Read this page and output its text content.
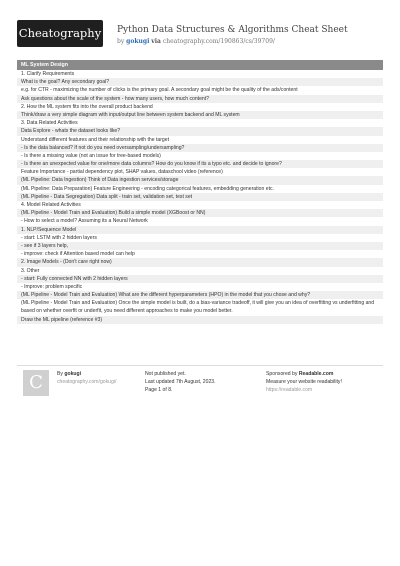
Cheatography Python Data Structures & Algorithms Cheat Sheet
by gokugi via cheatography.com/190863/cs/39709/
ML System Design
1. Clarify Requirements
What is the goal? Any secondary goal?
e.g. for CTR - maximizing the number of clicks is the primary goal. A secondary goal might be the quality of the ads/content
Ask questions about the scale of the system - how many users, how much content?
2. How the ML system fits into the overall product backend
Think/draw a very simple diagram with input/output line between system backend and ML system
3. Data Related Activities
Data Explore - whats the dataset looks like?
Understand different features and their relationship with the target
- Is the data balanced? If not do you need oversampling/undersampling?
- Is there a missing value (not an issue for tree-based models)
- Is there an unexpected value for one/more data columns? How do you know if its a typo etc. and decide to ignore?
Feature Importance - partial dependency plot, SHAP values, dataschool video (reference)
(ML Pipeline: Data Ingestion) Think of Data ingestion services/storage
(ML Pipeline: Data Preparation) Feature Engineering - encoding categorical features, embedding generation etc.
(ML Pipeline - Data Segregation) Data split - train set, validation set, test set
4. Model Related Activities
(ML Pipeline - Model Train and Evaluation) Build a simple model (XGBoost or NN)
- How to select a model? Assuming its a Neural Network
1. NLP/Sequence Model
- start: LSTM with 2 hidden layers
- see if 3 layers help,
- improve: check if Attention based model can help
2. Image Models - (Don't care right now)
3. Other
- start: Fully connected NN with 2 hidden layers
- Improve: problem specific
(ML Pipeline - Model Train and Evaluation) What are the different hyperparameters (HPO) in the model that you chose and why?
(ML Pipeline - Model Train and Evaluation) Once the simple model is built, do a bias-variance tradeoff, it will give you an idea of overfitting vs underfitting and based on whether overfit or underfit, you need different approaches to make you model better.
Draw the ML pipeline (reference #3)
C	By gokugi
cheatography.com/gokugi/
Not published yet.
Last updated 7th August, 2023.
Page 1 of 8.
Sponsored by Readable.com
Measure your website readability!
https://readable.com
